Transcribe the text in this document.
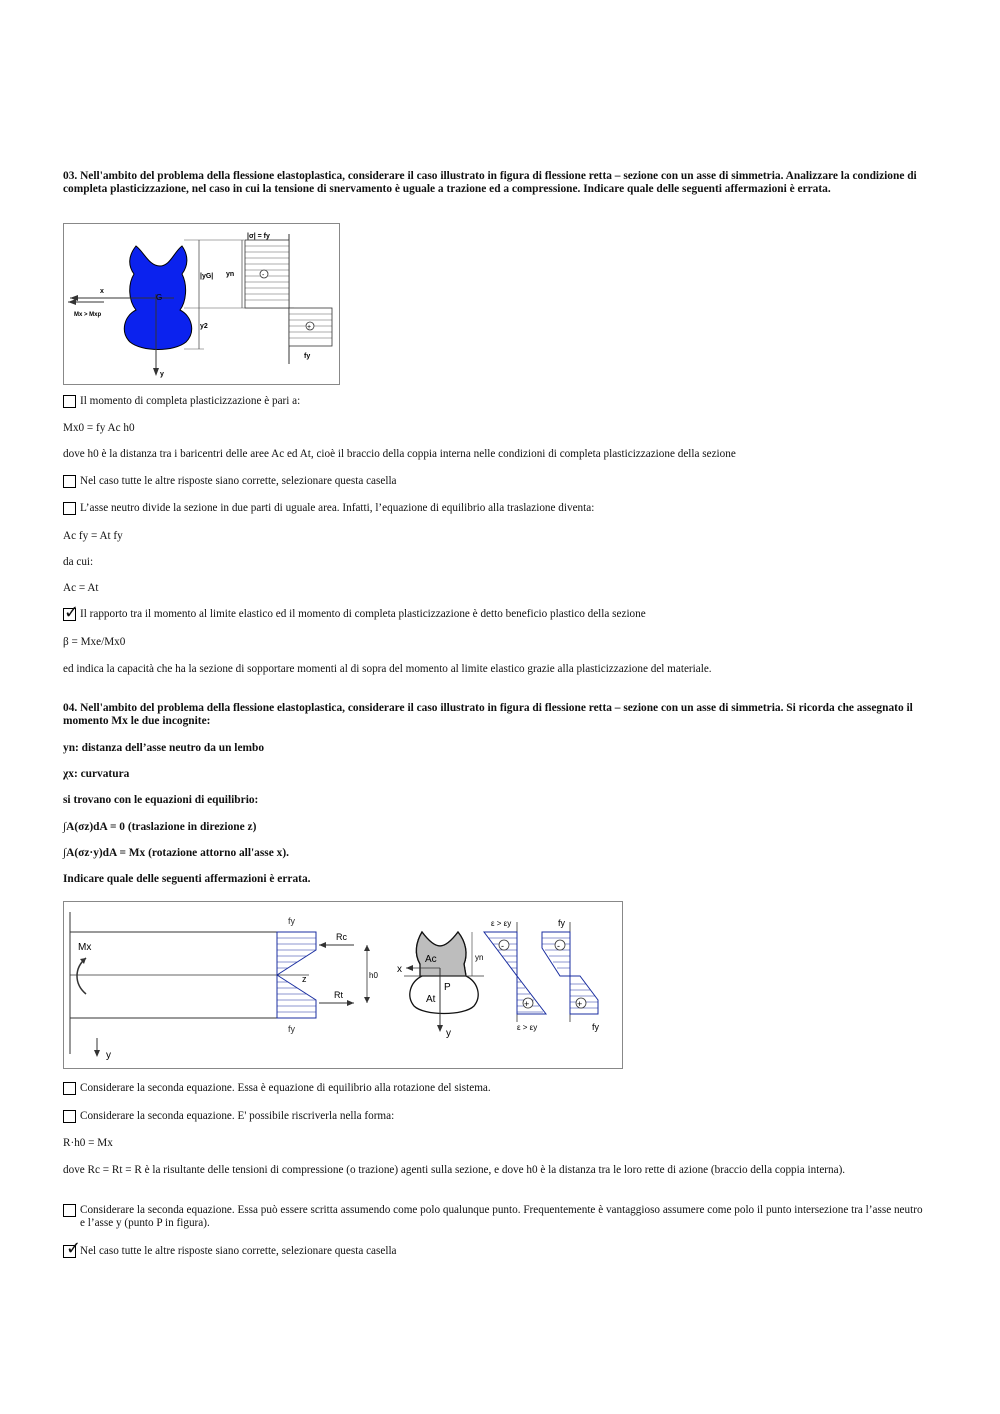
03. Nell'ambito del problema della flessione elastoplastica, considerare il caso illustrato in figura di flessione retta – sezione con un asse di simmetria. Analizzare la condizione di completa plasticizzazione, nel caso in cui la tensione di snervamento è uguale a trazione ed a compressione. Indicare quale delle seguenti affermazioni è errata.
x
Mx > Mxp
G
y
|yG| yn
y2
|σ| = fy
-
+
fy
Il momento di completa plasticizzazione è pari a:
Mx0 = fy Ac h0
dove h0 è la distanza tra i baricentri delle aree Ac ed At, cioè il braccio della coppia interna nelle condizioni di completa plasticizzazione della sezione
Nel caso tutte le altre risposte siano corrette, selezionare questa casella
L’asse neutro divide la sezione in due parti di uguale area. Infatti, l’equazione di equilibrio alla traslazione diventa:
Ac fy = At fy
da cui:
Ac = At
✓ Il rapporto tra il momento al limite elastico ed il momento di completa plasticizzazione è detto beneficio plastico della sezione
β = Mxe/Mx0
ed indica la capacità che ha la sezione di sopportare momenti al di sopra del momento al limite elastico grazie alla plasticizzazione del materiale.
04. Nell'ambito del problema della flessione elastoplastica, considerare il caso illustrato in figura di flessione retta – sezione con un asse di simmetria. Si ricorda che assegnato il momento Mx le due incognite:
yn: distanza dell’asse neutro da un lembo
χx: curvatura
si trovano con le equazioni di equilibrio:
∫A(σz)dA = 0 (traslazione in direzione z)
∫A(σz·y)dA = Mx (rotazione attorno all'asse x).
Indicare quale delle seguenti affermazioni è errata.
Mx
y
fy
fy
z
Rc
Rt
h0
y
x
Ac
At
P
yn
-
+
ε > εy
ε > εy
-
+
fy
fy
Considerare la seconda equazione. Essa è equazione di equilibrio alla rotazione del sistema.
Considerare la seconda equazione. E' possibile riscriverla nella forma:
R·h0 = Mx
dove Rc = Rt = R è la risultante delle tensioni di compressione (o trazione) agenti sulla sezione, e dove h0 è la distanza tra le loro rette di azione (braccio della coppia interna).
Considerare la seconda equazione. Essa può essere scritta assumendo come polo qualunque punto. Frequentemente è vantaggioso assumere come polo il punto intersezione tra l’asse neutro e l’asse y (punto P in figura).
✓
Nel caso tutte le altre risposte siano corrette, selezionare questa casella
